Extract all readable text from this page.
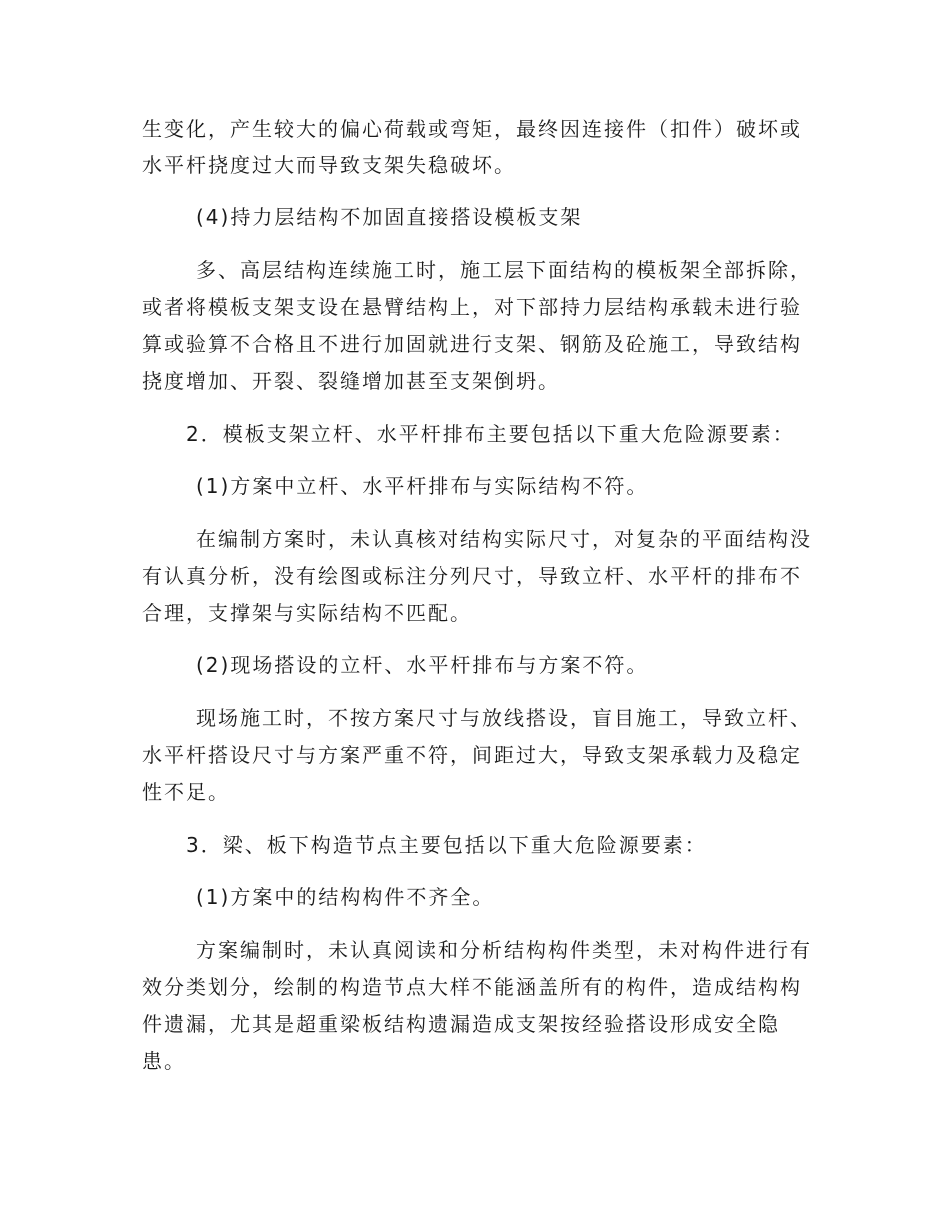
生变化，产生较大的偏心荷载或弯矩，最终因连接件（扣件）破坏或
水平杆挠度过大而导致支架失稳破坏。
(4)持力层结构不加固直接搭设模板支架
多、高层结构连续施工时，施工层下面结构的模板架全部拆除，
或者将模板支架支设在悬臂结构上，对下部持力层结构承载未进行验
算或验算不合格且不进行加固就进行支架、钢筋及砼施工，导致结构
挠度增加、开裂、裂缝增加甚至支架倒坍。
2．模板支架立杆、水平杆排布主要包括以下重大危险源要素：
(1)方案中立杆、水平杆排布与实际结构不符。
在编制方案时，未认真核对结构实际尺寸，对复杂的平面结构没
有认真分析，没有绘图或标注分列尺寸，导致立杆、水平杆的排布不
合理，支撑架与实际结构不匹配。
(2)现场搭设的立杆、水平杆排布与方案不符。
现场施工时，不按方案尺寸与放线搭设，盲目施工，导致立杆、
水平杆搭设尺寸与方案严重不符，间距过大，导致支架承载力及稳定
性不足。
3．梁、板下构造节点主要包括以下重大危险源要素：
(1)方案中的结构构件不齐全。
方案编制时，未认真阅读和分析结构构件类型，未对构件进行有
效分类划分，绘制的构造节点大样不能涵盖所有的构件，造成结构构
件遗漏，尤其是超重梁板结构遗漏造成支架按经验搭设形成安全隐
患。
